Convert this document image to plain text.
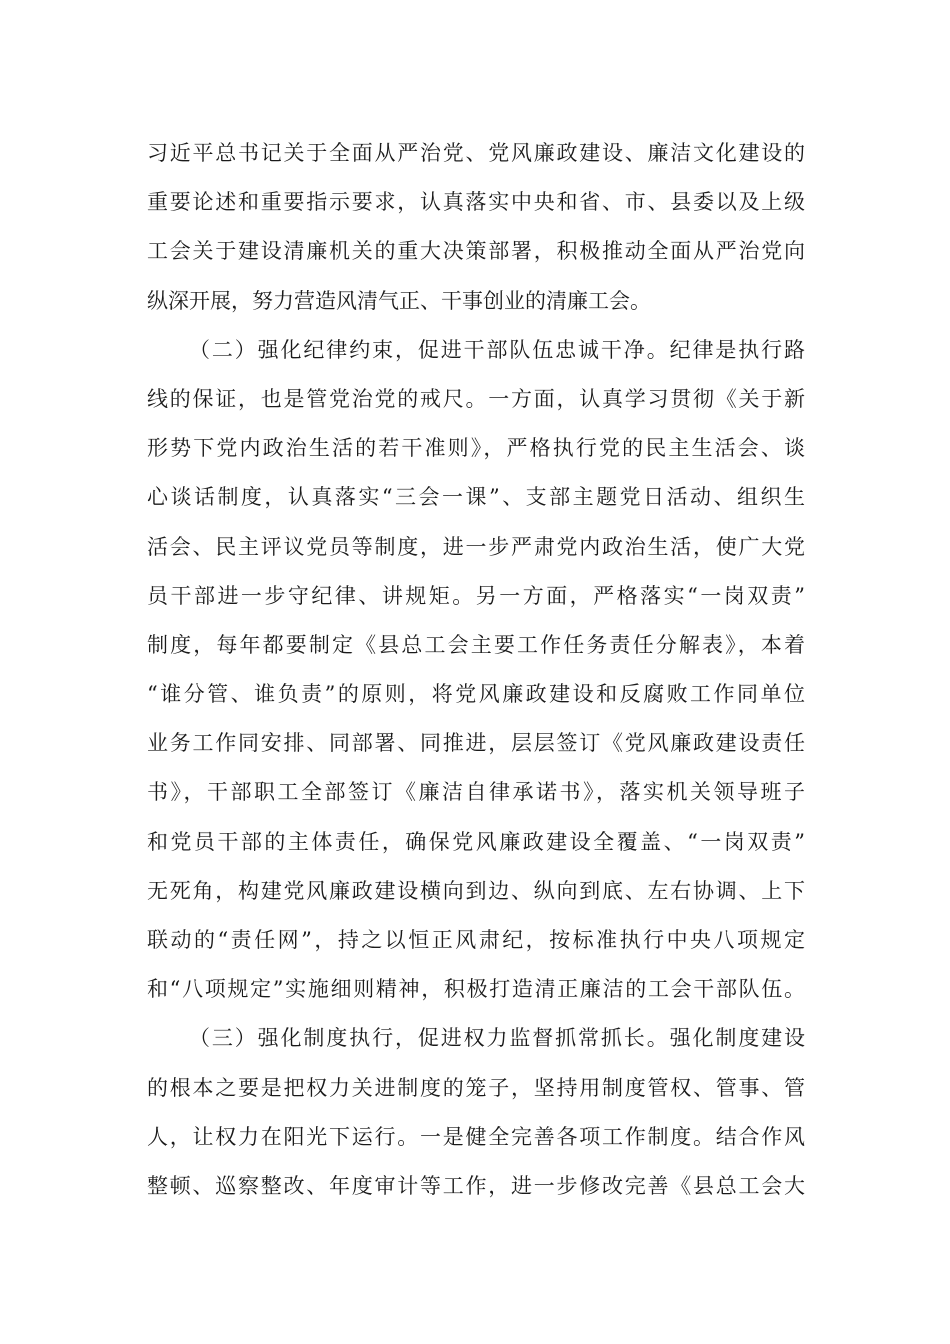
习近平总书记关于全面从严治党、党风廉政建设、廉洁文化建设的
重要论述和重要指示要求，认真落实中央和省、市、县委以及上级
工会关于建设清廉机关的重大决策部署，积极推动全面从严治党向
纵深开展，努力营造风清气正、干事创业的清廉工会。
（二）强化纪律约束，促进干部队伍忠诚干净。纪律是执行路
线的保证，也是管党治党的戒尺。一方面，认真学习贯彻《关于新
形势下党内政治生活的若干准则》，严格执行党的民主生活会、谈
心谈话制度，认真落实“三会一课”、支部主题党日活动、组织生
活会、民主评议党员等制度，进一步严肃党内政治生活，使广大党
员干部进一步守纪律、讲规矩。另一方面，严格落实“一岗双责”
制度，每年都要制定《县总工会主要工作任务责任分解表》，本着
“谁分管、谁负责”的原则，将党风廉政建设和反腐败工作同单位
业务工作同安排、同部署、同推进，层层签订《党风廉政建设责任
书》，干部职工全部签订《廉洁自律承诺书》，落实机关领导班子
和党员干部的主体责任，确保党风廉政建设全覆盖、“一岗双责”
无死角，构建党风廉政建设横向到边、纵向到底、左右协调、上下
联动的“责任网”，持之以恒正风肃纪，按标准执行中央八项规定
和“八项规定”实施细则精神，积极打造清正廉洁的工会干部队伍。
（三）强化制度执行，促进权力监督抓常抓长。强化制度建设
的根本之要是把权力关进制度的笼子，坚持用制度管权、管事、管
人，让权力在阳光下运行。一是健全完善各项工作制度。结合作风
整顿、巡察整改、年度审计等工作，进一步修改完善《县总工会大
